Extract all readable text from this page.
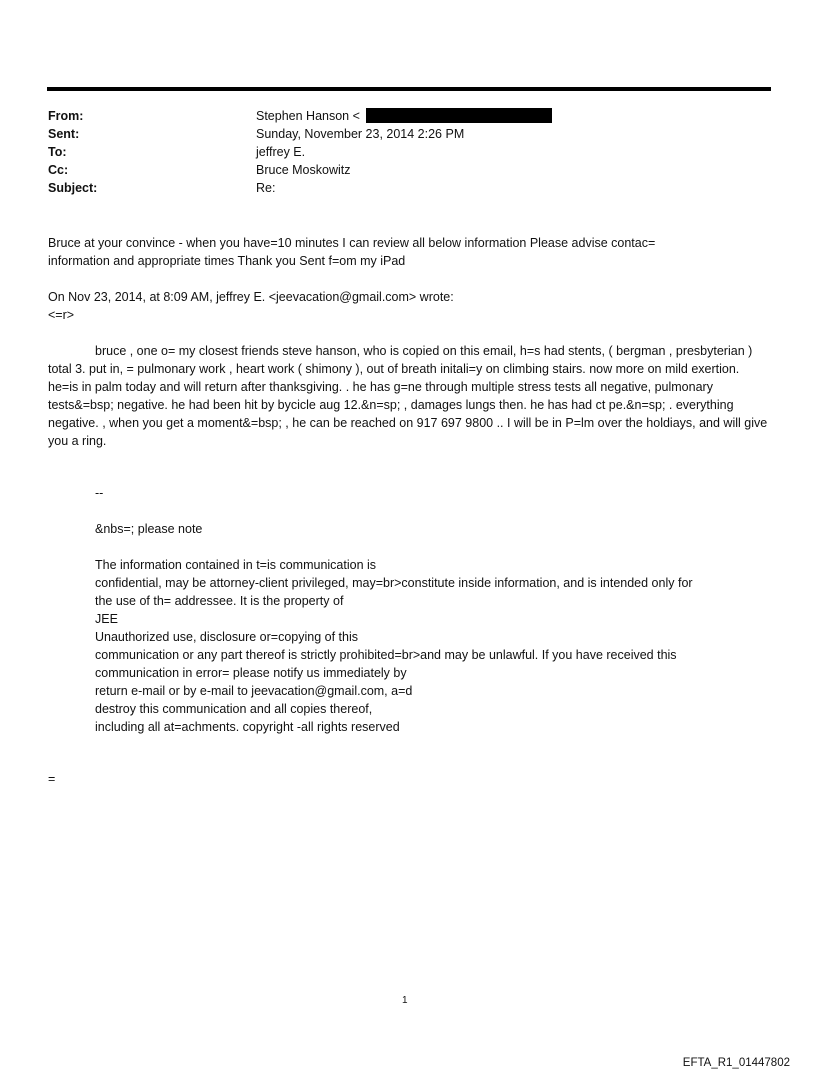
From:	Stephen Hanson <
Sent:	Sunday, November 23, 2014 2:26 PM
To:	jeffrey E.
Cc:	Bruce Moskowitz
Subject:	Re:
Bruce at your convince - when you have=10 minutes I can review all below information Please advise contac=
information and appropriate times Thank you Sent f=om my iPad
On Nov 23, 2014, at 8:09 AM, jeffrey E. <jeevacation@gmail.com> wrote:
<=r>
bruce , one o= my closest friends steve hanson, who is copied on this email, h=s had stents, ( bergman , presbyterian ) total 3. put in, = pulmonary work , heart work ( shimony ), out of breath initali=y on climbing stairs. now more on mild exertion. he=is in palm today and will return after thanksgiving. . he has g=ne through multiple stress tests all negative, pulmonary tests&=bsp; negative. he had been hit by bycicle aug 12.&n=sp; , damages lungs then. he has had ct pe.&n=sp; . everything negative. , when you get a moment&=bsp; , he can be reached on 917 697 9800 .. I will be in P=lm over the holdiays, and will give you a ring.
--
&nbs=; please note
The information contained in t=is communication is
confidential, may be attorney-client privileged, may=br>constitute inside information, and is intended only for
the use of th= addressee. It is the property of
JEE
Unauthorized use, disclosure or=copying of this
communication or any part thereof is strictly prohibited=br>and may be unlawful. If you have received this
communication in error= please notify us immediately by
return e-mail or by e-mail to jeevacation@gmail.com, a=d
destroy this communication and all copies thereof,
including all at=achments. copyright -all rights reserved
=
1
EFTA_R1_01447802
